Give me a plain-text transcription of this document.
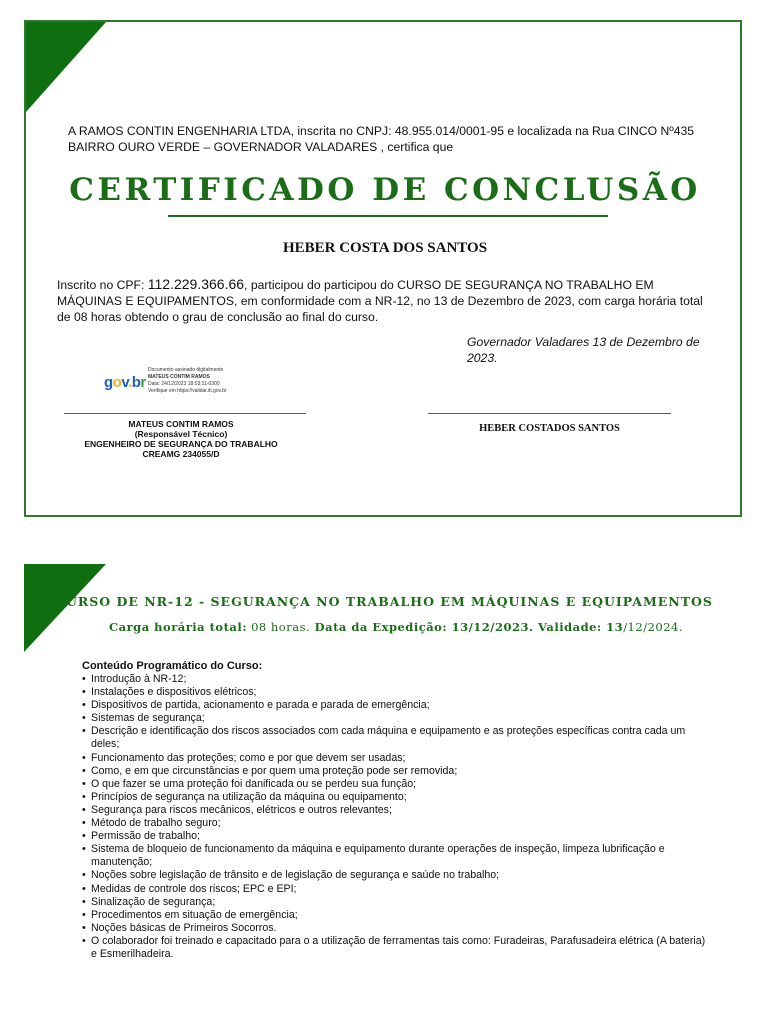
A RAMOS CONTIN ENGENHARIA LTDA, inscrita no CNPJ: 48.955.014/0001-95 e localizada na Rua CINCO Nº435 BAIRRO OURO VERDE – GOVERNADOR VALADARES , certifica que
CERTIFICADO DE CONCLUSÃO
HEBER COSTA DOS SANTOS
Inscrito no CPF: 112.229.366.66, participou do participou do CURSO DE SEGURANÇA NO TRABALHO EM MÁQUINAS E EQUIPAMENTOS, em conformidade com a NR-12, no 13 de Dezembro de 2023, com carga horária total de 08 horas obtendo o grau de conclusão ao final do curso.
Governador Valadares 13 de Dezembro de 2023.
gov.br
Documento assinado digitalmente
MATEUS CONTIM RAMOS
Data: 24/12/2023 18:03:11-0300
Verifique em https://validar.iti.gov.br
MATEUS CONTIM RAMOS
(Responsável Técnico)
ENGENHEIRO DE SEGURANÇA DO TRABALHO
CREAMG 234055/D
HEBER COSTADOS SANTOS
CURSO DE NR-12 - SEGURANÇA NO TRABALHO EM MÁQUINAS E EQUIPAMENTOS
Carga horária total: 08 horas. Data da Expedição: 13/12/2023. Validade: 13/12/2024.
Conteúdo Programático do Curso:
• Introdução à NR-12;
• Instalações e dispositivos elétricos;
• Dispositivos de partida, acionamento e parada e parada de emergência;
• Sistemas de segurança;
• Descrição e identificação dos riscos associados com cada máquina e equipamento e as proteções específicas contra cada um deles;
• Funcionamento das proteções; como e por que devem ser usadas;
• Como, e em que circunstâncias e por quem uma proteção pode ser removida;
• O que fazer se uma proteção foi danificada ou se perdeu sua função;
• Princípios de segurança na utilização da máquina ou equipamento;
• Segurança para riscos mecânicos, elétricos e outros relevantes;
• Método de trabalho seguro;
• Permissão de trabalho;
• Sistema de bloqueio de funcionamento da máquina e equipamento durante operações de inspeção, limpeza lubrificação e manutenção;
• Noções sobre legislação de trânsito e de legislação de segurança e saúde no trabalho;
• Medidas de controle dos riscos; EPC e EPI;
• Sinalização de segurança;
• Procedimentos em situação de emergência;
• Noções básicas de Primeiros Socorros.
• O colaborador foi treinado e capacitado para o a utilização de ferramentas tais como: Furadeiras, Parafusadeira elétrica (A bateria) e Esmerilhadeira.
